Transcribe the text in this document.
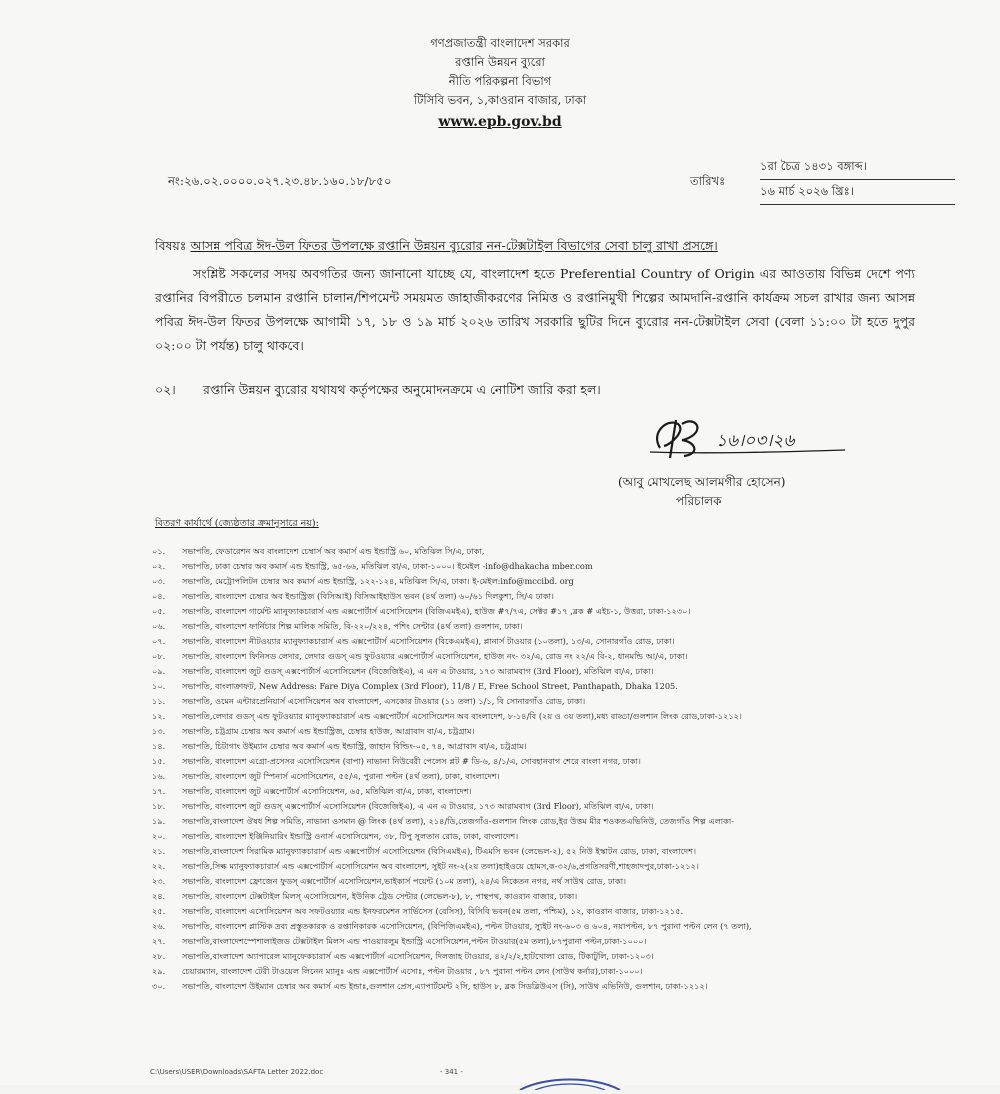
গণপ্রজাতন্ত্রী বাংলাদেশ সরকার
রপ্তানি উন্নয়ন ব্যুরো
নীতি পরিকল্পনা বিভাগ
টিসিবি ভবন, ১,কাওরান বাজার, ঢাকা
www.epb.gov.bd
নং:২৬.০২.০০০০.০২৭.২৩.৪৮.১৬০.১৮/৮৫০	তারিখঃ
১রা চৈত্র ১৪৩১ বঙ্গাব্দ।
১৬ মার্চ ২০২৬ খ্রিঃ।
বিষয়ঃ আসন্ন পবিত্র ঈদ-উল ফিতর উপলক্ষে রপ্তানি উন্নয়ন ব্যুরোর নন-টেক্সটাইল বিভাগের সেবা চালু রাখা প্রসঙ্গে।
সংশ্লিষ্ট সকলের সদয় অবগতির জন্য জানানো যাচ্ছে যে, বাংলাদেশ হতে Preferential Country of Origin এর আওতায় বিভিন্ন দেশে পণ্য রপ্তানির বিপরীতে চলমান রপ্তানি চালান/শিপমেন্ট সময়মত জাহাজীকরণের নিমিত্ত ও রপ্তানিমুখী শিল্পের আমদানি-রপ্তানি কার্যক্রম সচল রাখার জন্য আসন্ন পবিত্র ঈদ-উল ফিতর উপলক্ষে আগামী ১৭, ১৮ ও ১৯ মার্চ ২০২৬ তারিখ সরকারি ছুটির দিনে ব্যুরোর নন-টেক্সটাইল সেবা (বেলা ১১:০০ টা হতে দুপুর ০২:০০ টা পর্যন্ত) চালু থাকবে।
০২। রপ্তানি উন্নয়ন ব্যুরোর যথাযথ কর্তৃপক্ষের অনুমোদনক্রমে এ নোটিশ জারি করা হল।
১৬।০৩।২৬
(আবু মোখলেছ আলমগীর হোসেন)
পরিচালক
বিতরণ কার্যার্থে (জ্যেষ্ঠতার ক্রমানুসারে নয়):
০১.	সভাপতি, ফেডারেশন অব বাংলাদেশ চেম্বার্স অব কমার্স এন্ড ইন্ডাস্ট্রি ৬০, মতিঝিল সি/এ, ঢাকা,
০২.	সভাপতি, ঢাকা চেম্বার অব কমার্স এন্ড ইন্ডাস্ট্রি, ৬৫-৬৬, মতিঝিল বা/এ, ঢাকা-১০০০। ইমেইল -info@dhakacha mber.com
০৩.	সভাপতি, মেট্রোপলিটন চেম্বার অব কমার্স এন্ড ইন্ডাস্ট্রি, ১২২-১২৪, মতিঝিল সি/এ, ঢাকা। ই-মেইল:info@mccibd. org
০৪.	সভাপতি, বাংলাদেশ চেম্বার অব ইন্ডাস্ট্রিজ (বিসিআই) বিসিআইহাউস ভবন (৪র্থ তলা) ৬০/৬১ দিলকুশা, সি/এ ঢাকা।
০৫.	সভাপতি, বাংলাদেশ গার্মেন্ট ম্যানুফ্যাকচারার্স এন্ড এক্সপোর্টার্স এসোসিয়েশন (বিজিএমইএ), হাউজ #৭/৭এ, সেক্টর #১৭ ,ব্লক # এইচ-১, উত্তরা, ঢাকা-১২৩০।
০৬.	সভাপতি, বাংলাদেশ ফার্নিচার শিল্প মালিক সমিতি, বি-২২০/২২৪, পশিং সেন্টার (৪র্থ তলা) গুলশান, ঢাকা।
০৭.	সভাপতি, বাংলাদেশ নীটওয়্যার ম্যানুফ্যাকচারার্স এন্ড এক্সপোর্টার্স এসোসিয়েশন (বিকেএমইএ), প্লানার্স টাওয়ার (১০তলা), ১৩/এ, সোনারগাঁও রোড, ঢাকা।
০৮.	সভাপতি, বাংলাদেশ ফিনিসড লেদার, লেদার গুডস্ এন্ড ফুটওয়্যার এক্সপোর্টার্স এসোসিয়েশন, হাউজ নং- ৩২/এ, রোড নং ২২/এ বি-২, ধানমন্ডি আ/এ, ঢাকা।
০৯.	সভাপতি, বাংলাদেশ জুট গুডস্ এক্সপোর্টার্স এসোসিয়েশন (বিজেজিইএ), এ এন এ টাওয়ার, ১৭৩ আরামবাগ (3rd Floor), মতিঝিল বা/এ, ঢাকা।
১০.	সভাপতি, বাংলাক্রাফট, New Address: Fare Diya Complex (3rd Floor), 11/8 / E, Free School Street, Panthapath, Dhaka 1205.
১১.	সভাপতি, ওমেন এন্টারপ্রেনিয়ার্স এসোসিয়েশন অব বাংলাদেশ, এসকোর টাওয়ার (১১ তলা) ১/১, বি সোনারগাঁও রোড, ঢাকা।
১২.	সভাপতি,লেদার গুডস্ এন্ড ফুটওয়্যার ম্যানুফ্যাকচারার্স এন্ড এক্সপোর্টার্স এসোসিয়েশন অব বাংলাদেশ, ৮-১৪/বি (২য় ও ৩য় তলা),মধ্য বাড্ডা/গুলশান লিংক রোড,ঢাকা-১২১২।
১৩.	সভাপতি, চট্রগ্রাম চেম্বার অব কমার্স এন্ড ইন্ডাস্ট্রিজ, চেম্বার হাউজ, আগ্রাবাদ বা/এ, চট্রগ্রাম।
১৪.	সভাপতি, চিটাগাং উইম্যান চেম্বার অব কমার্স এন্ড ইন্ডাস্ট্রি, জাহান বিল্ডিং-০৫, ৭৪, আগ্রাবাদ বা/এ, চট্রগ্রাম।
১৫.	সভাপতি, বাংলাদেশ এগ্রো-প্রসেসর এসোসিয়েশন (বাপা) নাভানা নিউবেরী পেলেস প্লট # ডি-৬, ৪/১/এ, সোবহানবাগ শেরে বাংলা নগর, ঢাকা।
১৬.	সভাপতি, বাংলাদেশ জুট স্পিনার্স এসোসিয়েশন, ৫৫/এ, পুরানা পল্টন (৪র্থ তলা), ঢাকা, বাংলাদেশ।
১৭.	সভাপতি, বাংলাদেশ জুট এক্সপোর্টার্স এসোসিয়েশন, ৬৫, মতিঝিল বা/এ, ঢাকা, বাংলাদেশ।
১৮.	সভাপতি, বাংলাদেশ জুট গুডস্ এক্সপোর্টার্স এসোসিয়েশন (বিজেজিইএ), এ এন এ টাওয়ার, ১৭৩ আরামবাগ (3rd Floor), মতিঝিল বা/এ, ঢাকা।
১৯.	সভাপতি,বাংলাদেশ ঔষধ শিল্প সমিতি, নাভানা ওসমান @ লিংক (৪র্থ তলা), ২১৪/ডি,তেজগাঁও-গুলশান লিংক রোড,ইর উত্তম মীর শওকতএভিনিউ, তেজগাঁও শিল্প এলাকা-
২০.	সভাপতি, বাংলাদেশ ইঞ্জিনিয়ারিং ইন্ডাস্ট্রি ওনার্স এসোসিয়েশন, ৩৮, টিপু সুলতান রোড, ঢাকা, বাংলাদেশ।
২১.	সভাপতি,বাংলাদেশ সিরামিক ম্যানুফ্যাকচারার্স এন্ড এক্সপোর্টার্স এসোসিয়েশন (বিসিএমইএ), টিএমসি ভবন (লেভেল-২), ৫২ নিউ ইস্কাটন রোড, ঢাকা, বাংলাদেশ।
২২.	সভাপতি,সিল্ক ম্যানুফ্যাকচারার্স এন্ড এক্সপোর্টার্স এসোসিয়েশন অব বাংলাদেশ, সুইট নং-২(২য় তলা)হাইওয়ে হোমস,ক-৩২/৬,প্রগতিসরণী,শাহজাদপুর,ঢাকা-১২১২।
২৩.	সভাপতি, বাংলাদেশ ফ্রোজেন ফুডস্ এক্সপোর্টার্স এসোসিয়েশন,ভাইকার্স পয়েন্ট (১০ম তলা), ২৪/এ নিকেতন নগর, নর্থ সাউথ রোড, ঢাকা।
২৪.	সভাপতি, বাংলাদেশ টেক্সটাইল মিলস্ এসোসিয়েশন, ইউনিক ট্রেড সেন্টার (লেভেল-৮), ৮, পান্থপথ, কাওরান বাজার, ঢাকা।
২৫.	সভাপতি, বাংলাদেশ এসোসিয়েশন অব সফটওয়্যার এন্ড ইনফরমেশন সার্ভিসেস (বেসিস), বিসিবি ভবন(৫ম তলা, পশ্চিম), ১২, কাওরান বাজার, ঢাকা-১২১৫.
২৬.	সভাপতি, বাংলাদেশ প্লাস্টিক দ্রব্য প্রস্তুতকারক ও রপ্তানিকারক এসোসিয়েশন, (বিপিজিএমইএ), পল্টন টাওয়ার, স্যুইট নং-৬০৩ ও ৬০৪, নয়াপল্টন, ৮৭ পুরানা পল্টন লেন (৭ তলা),
২৭.	সভাপতি,বাংলাদেশস্পেশালাইজড টেক্সটাইল মিলস এন্ড পাওয়ারলুম ইন্ডাস্ট্রি এসোসিয়েশন,পল্টন টাওয়ার(৫ম তলা),৮৭পুরানা পল্টন,ঢাকা-১০০০।
২৮.	সভাপতি,বাংলাদেশ অ্যাপারেল ম্যানুফেকচারার্স এন্ড এক্সপোর্টার্স এসোসিয়েশন, দিলজাহ টাওয়ার, ৪২/২/২,হাটখোলা রোড, টিকাটুলি, ঢাকা-১২০৩।
২৯.	চেয়ারম্যান, বাংলাদেশ টেরী টাওয়েল লিনেন ম্যানুঃ এন্ড এক্সপোর্টার্স এসোঃ, পল্টন টাওয়ার , ৮৭ পুরানা পল্টন লেন (সাউথ কর্নার),ঢাকা-১০০০।
৩০.	সভাপতি, বাংলাদেশ উইম্যান চেম্বার অব কমার্স এন্ড ইন্ডাঃ,গুলশান প্রেস,এ্যাপার্টমেন্ট ২সি, হাউস ৮, ব্লক সিডব্লিউএস (সি), সাউথ এভিনিউ, গুলশান, ঢাকা-১২১২।
C:\Users\USER\Downloads\SAFTA Letter 2022.doc	- 341 -
